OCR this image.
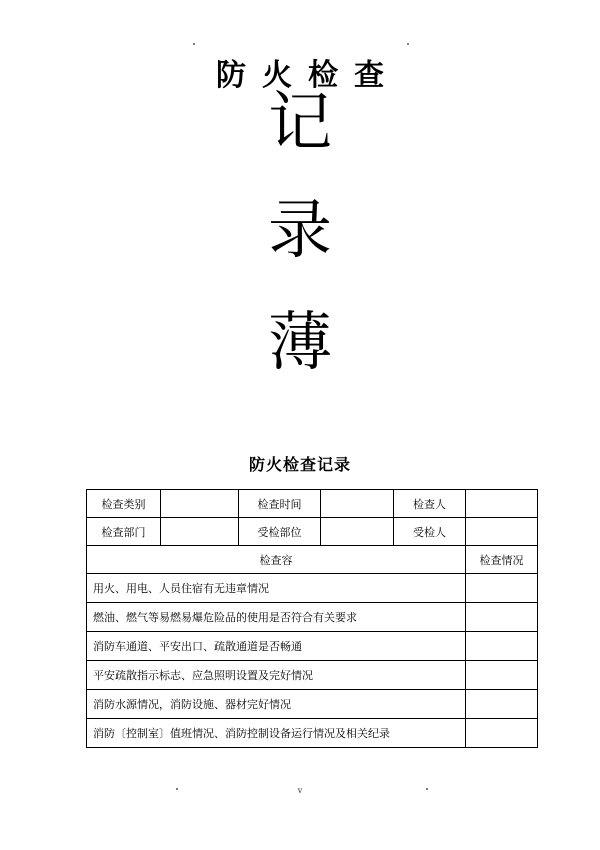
防火检查
记
录
薄
防火检查记录
检查类别		检查时间		检查人	
检查部门		受检部位		受检人	
检查容					检查情况
用火、用电、人员住宿有无违章情况					
燃油、燃气等易燃易爆危险品的使用是否符合有关要求					
消防车通道、平安出口、疏散通道是否畅通					
平安疏散指示标志、应急照明设置及完好情况					
消防水源情况，消防设施、器材完好情况					
消防〔控制室〕值班情况、消防控制设备运行情况及相关纪录					
v
